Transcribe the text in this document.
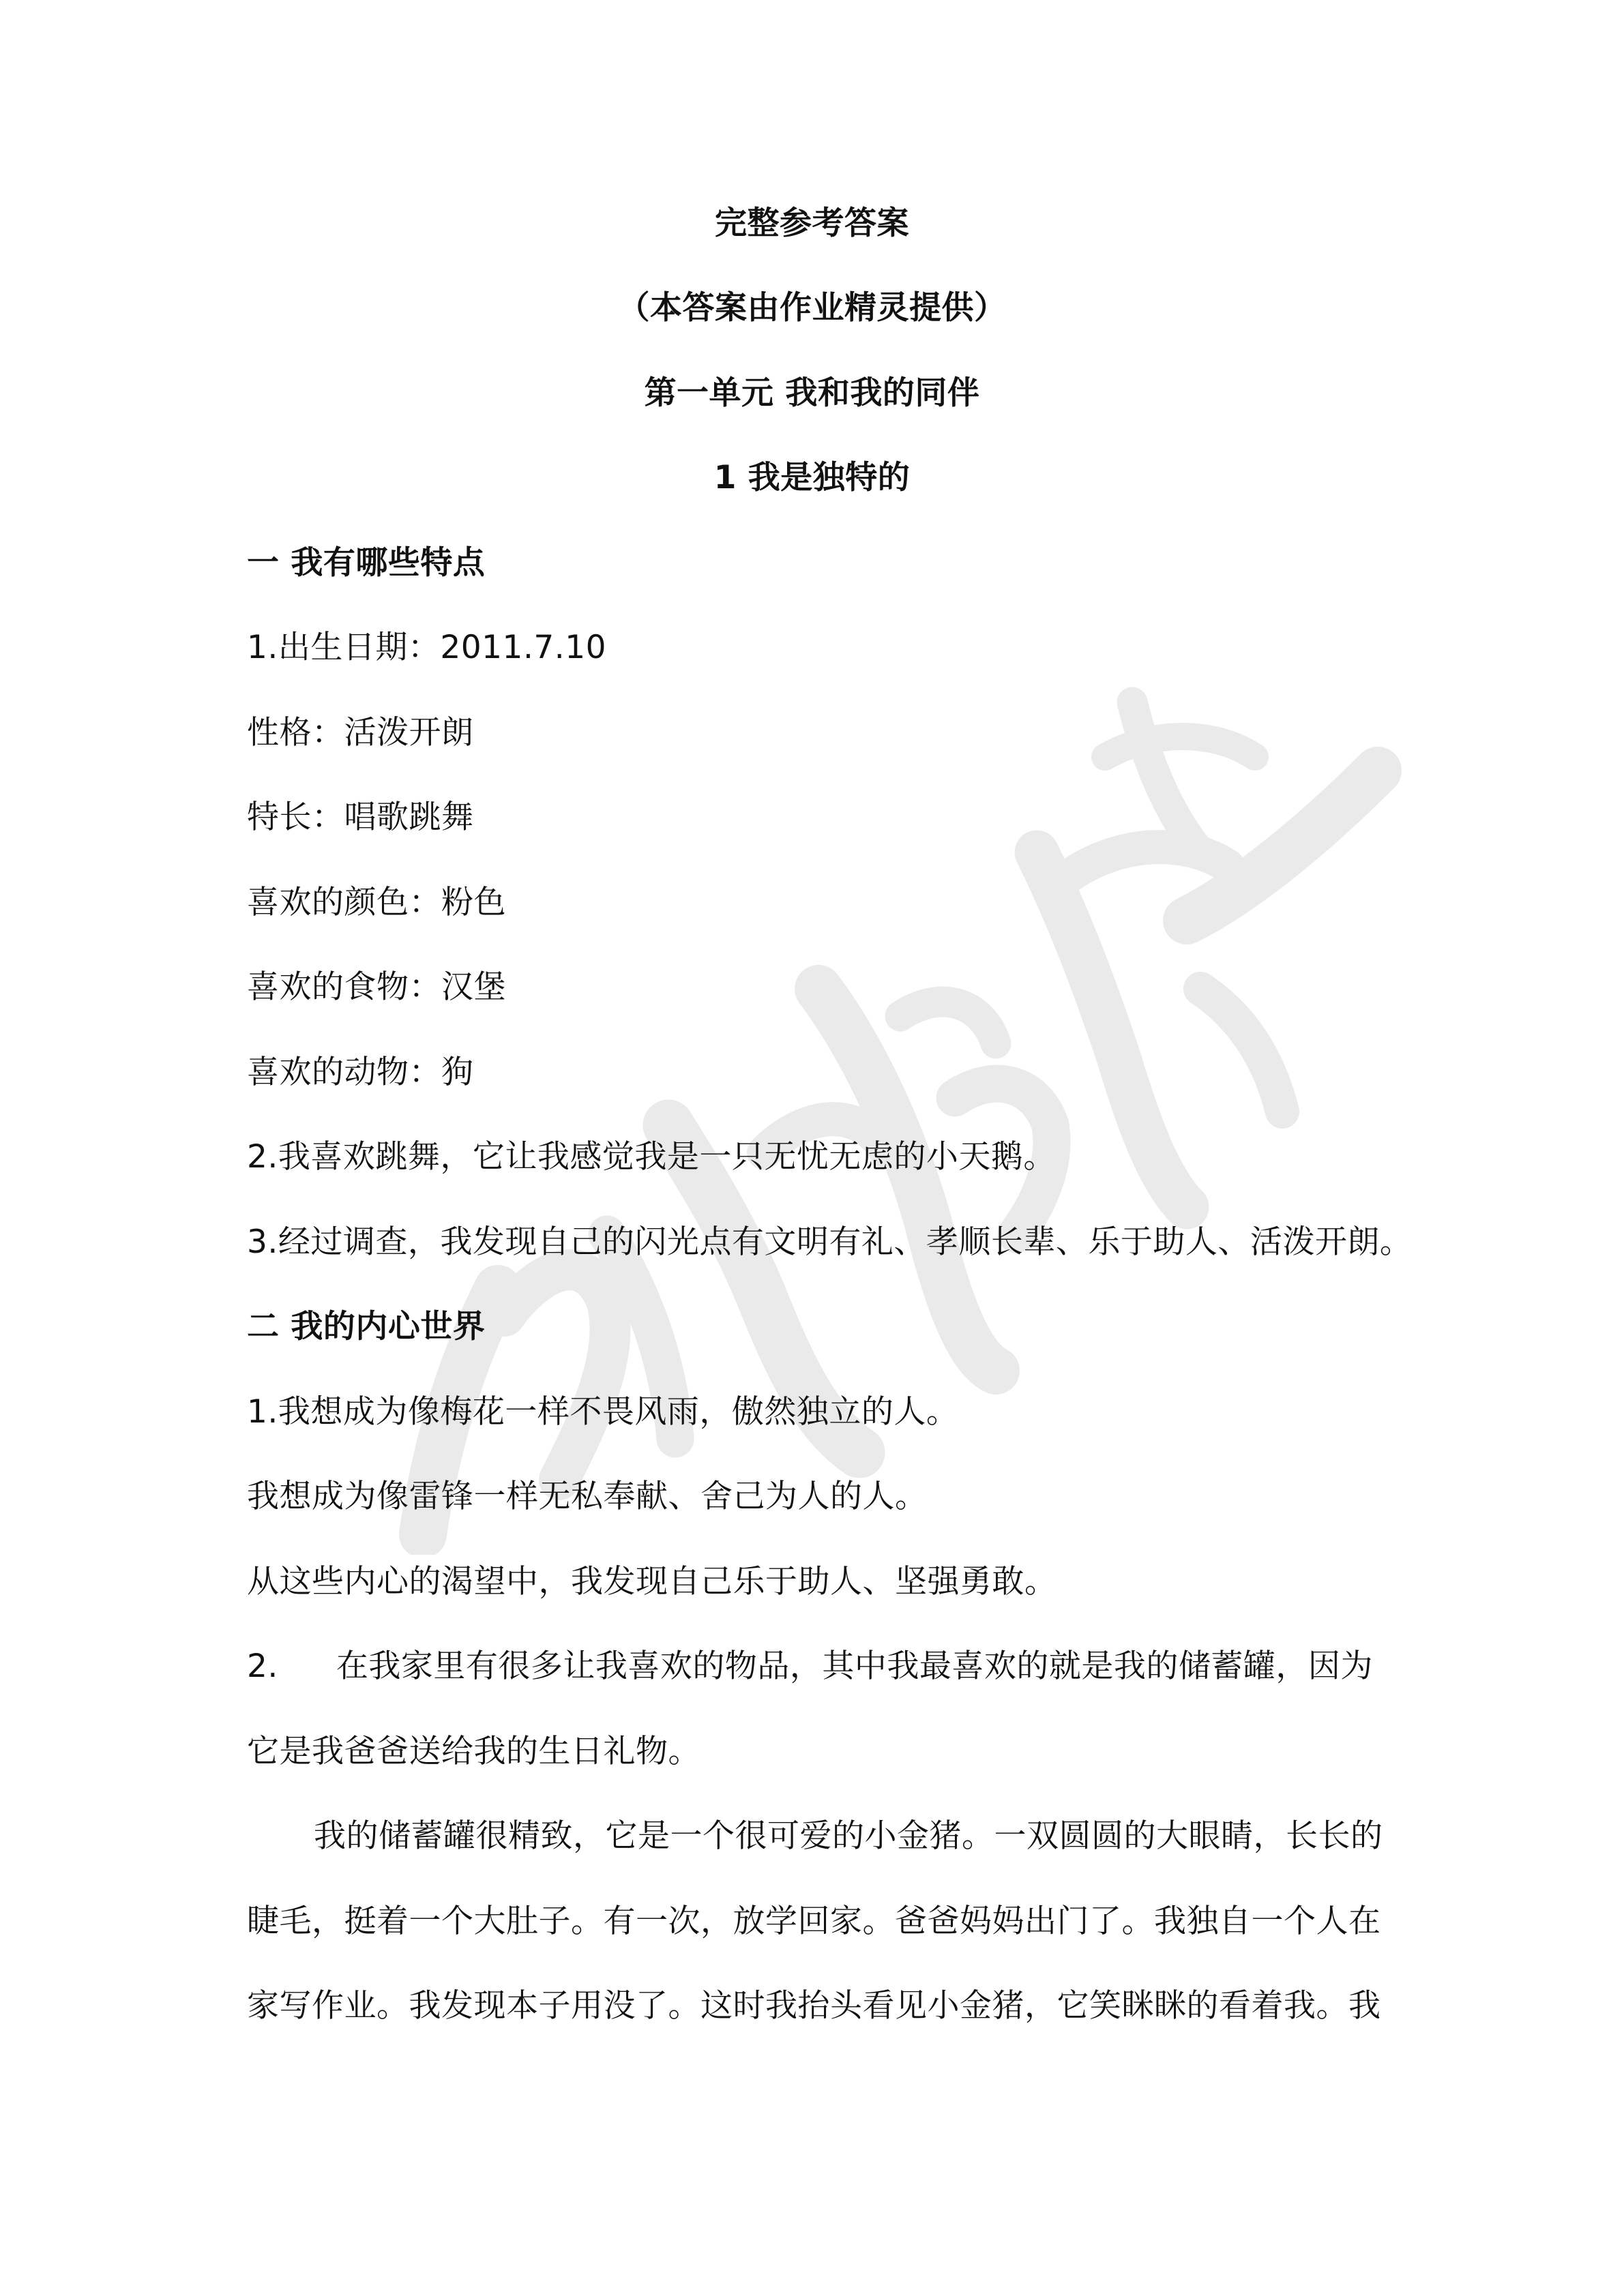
完整参考答案
（本答案由作业精灵提供）
第一单元 我和我的同伴
1 我是独特的
一 我有哪些特点
1.出生日期：2011.7.10
性格：活泼开朗
特长：唱歌跳舞
喜欢的颜色：粉色
喜欢的食物：汉堡
喜欢的动物：狗
2.我喜欢跳舞，它让我感觉我是一只无忧无虑的小天鹅。
3.经过调查，我发现自己的闪光点有文明有礼、孝顺长辈、乐于助人、活泼开朗。
二 我的内心世界
1.我想成为像梅花一样不畏风雨，傲然独立的人。
我想成为像雷锋一样无私奉献、舍己为人的人。
从这些内心的渴望中，我发现自己乐于助人、坚强勇敢。
2. 在我家里有很多让我喜欢的物品，其中我最喜欢的就是我的储蓄罐，因为
它是我爸爸送给我的生日礼物。
我的储蓄罐很精致，它是一个很可爱的小金猪。一双圆圆的大眼睛，长长的
睫毛，挺着一个大肚子。有一次，放学回家。爸爸妈妈出门了。我独自一个人在
家写作业。我发现本子用没了。这时我抬头看见小金猪，它笑眯眯的看着我。我
